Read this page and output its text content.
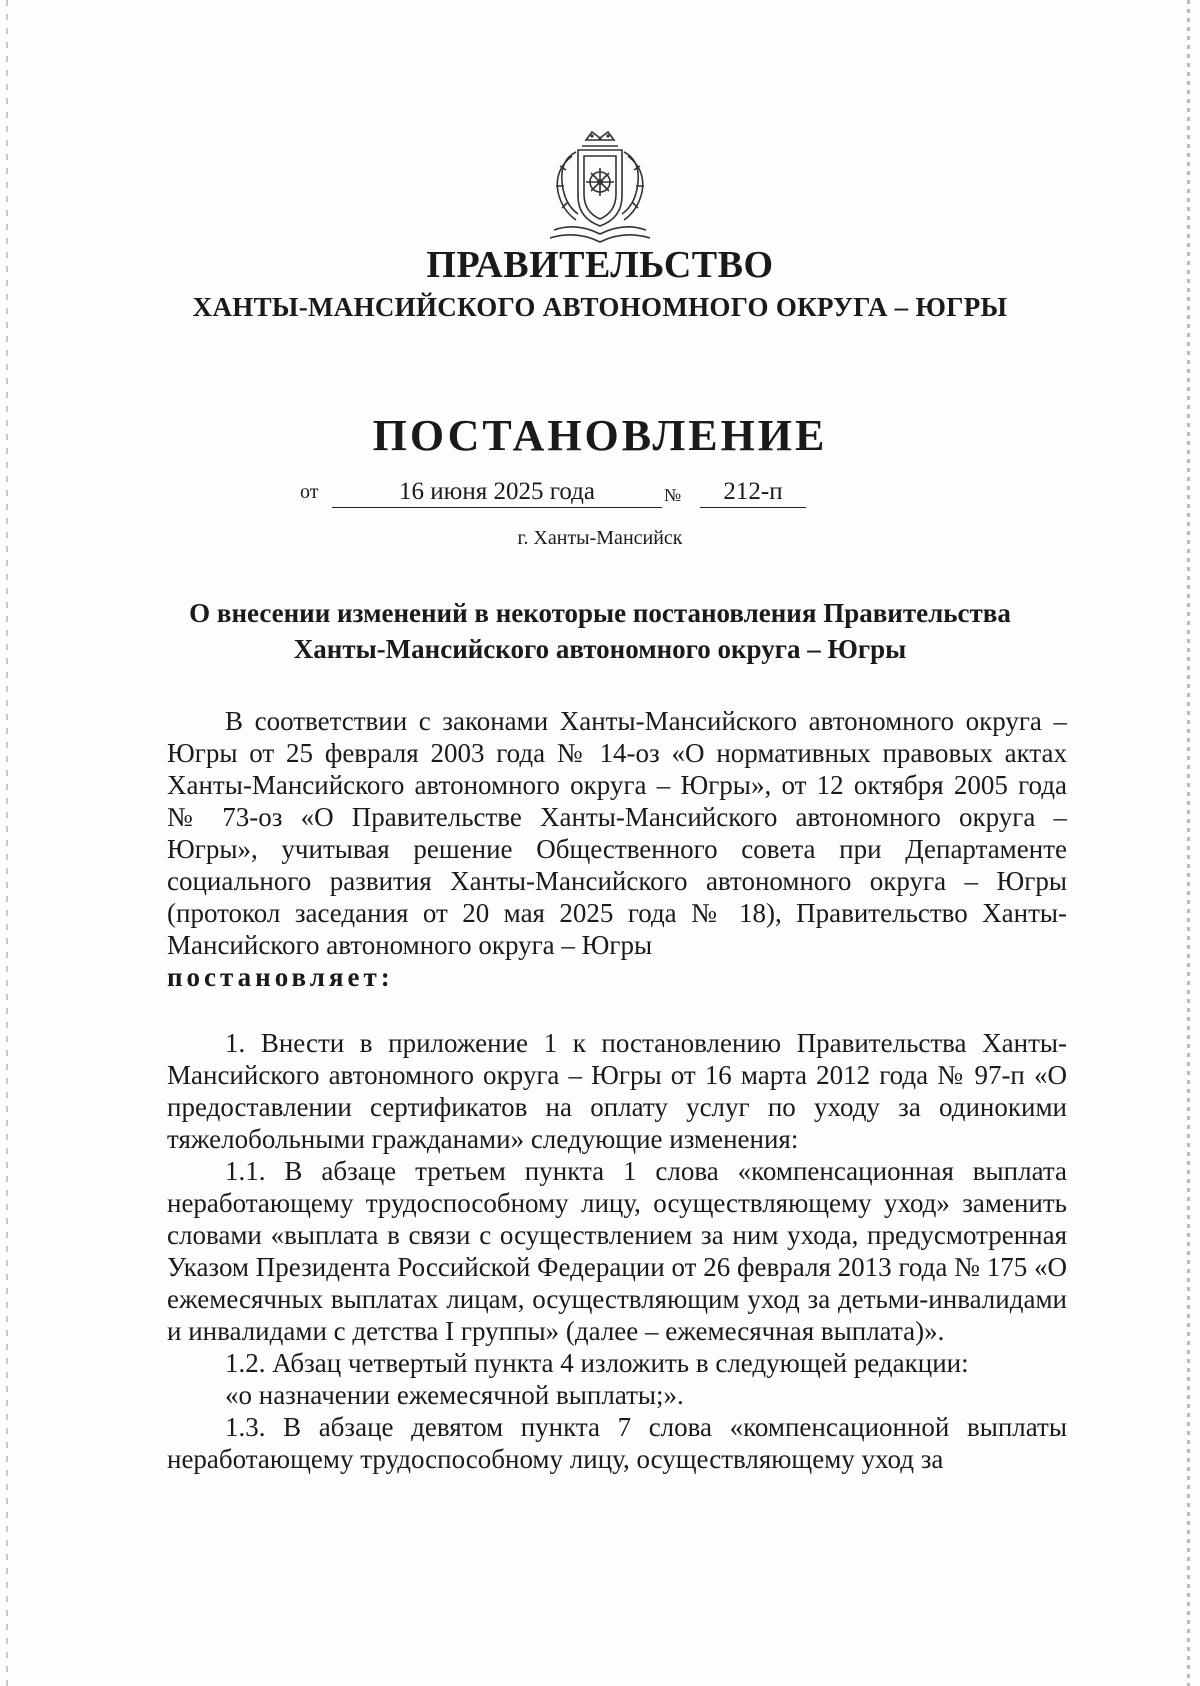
ПРАВИТЕЛЬСТВО
ХАНТЫ-МАНСИЙСКОГО АВТОНОМНОГО ОКРУГА – ЮГРЫ
ПОСТАНОВЛЕНИЕ
от	16 июня 2025 года	№	212-п
г. Ханты-Мансийск
О внесении изменений в некоторые постановления Правительства
Ханты-Мансийского автономного округа – Югры

В соответствии с законами Ханты-Мансийского автономного округа – Югры от 25 февраля 2003 года № 14-оз «О нормативных правовых актах Ханты-Мансийского автономного округа – Югры», от 12 октября 2005 года № 73-оз «О Правительстве Ханты-Мансийского автономного округа – Югры», учитывая решение Общественного совета при Департаменте социального развития Ханты-Мансийского автономного округа – Югры (протокол заседания от 20 мая 2025 года № 18), Правительство Ханты-Мансийского автономного округа – Югры
постановляет:

1. Внести в приложение 1 к постановлению Правительства Ханты-Мансийского автономного округа – Югры от 16 марта 2012 года № 97-п «О предоставлении сертификатов на оплату услуг по уходу за одинокими тяжелобольными гражданами» следующие изменения:

1.1. В абзаце третьем пункта 1 слова «компенсационная выплата неработающему трудоспособному лицу, осуществляющему уход» заменить словами «выплата в связи с осуществлением за ним ухода, предусмотренная Указом Президента Российской Федерации от 26 февраля 2013 года № 175 «О ежемесячных выплатах лицам, осуществляющим уход за детьми-инвалидами и инвалидами с детства I группы» (далее – ежемесячная выплата)».

1.2. Абзац четвертый пункта 4 изложить в следующей редакции:

«о назначении ежемесячной выплаты;».

1.3. В абзаце девятом пункта 7 слова «компенсационной выплаты неработающему трудоспособному лицу, осуществляющему уход за
